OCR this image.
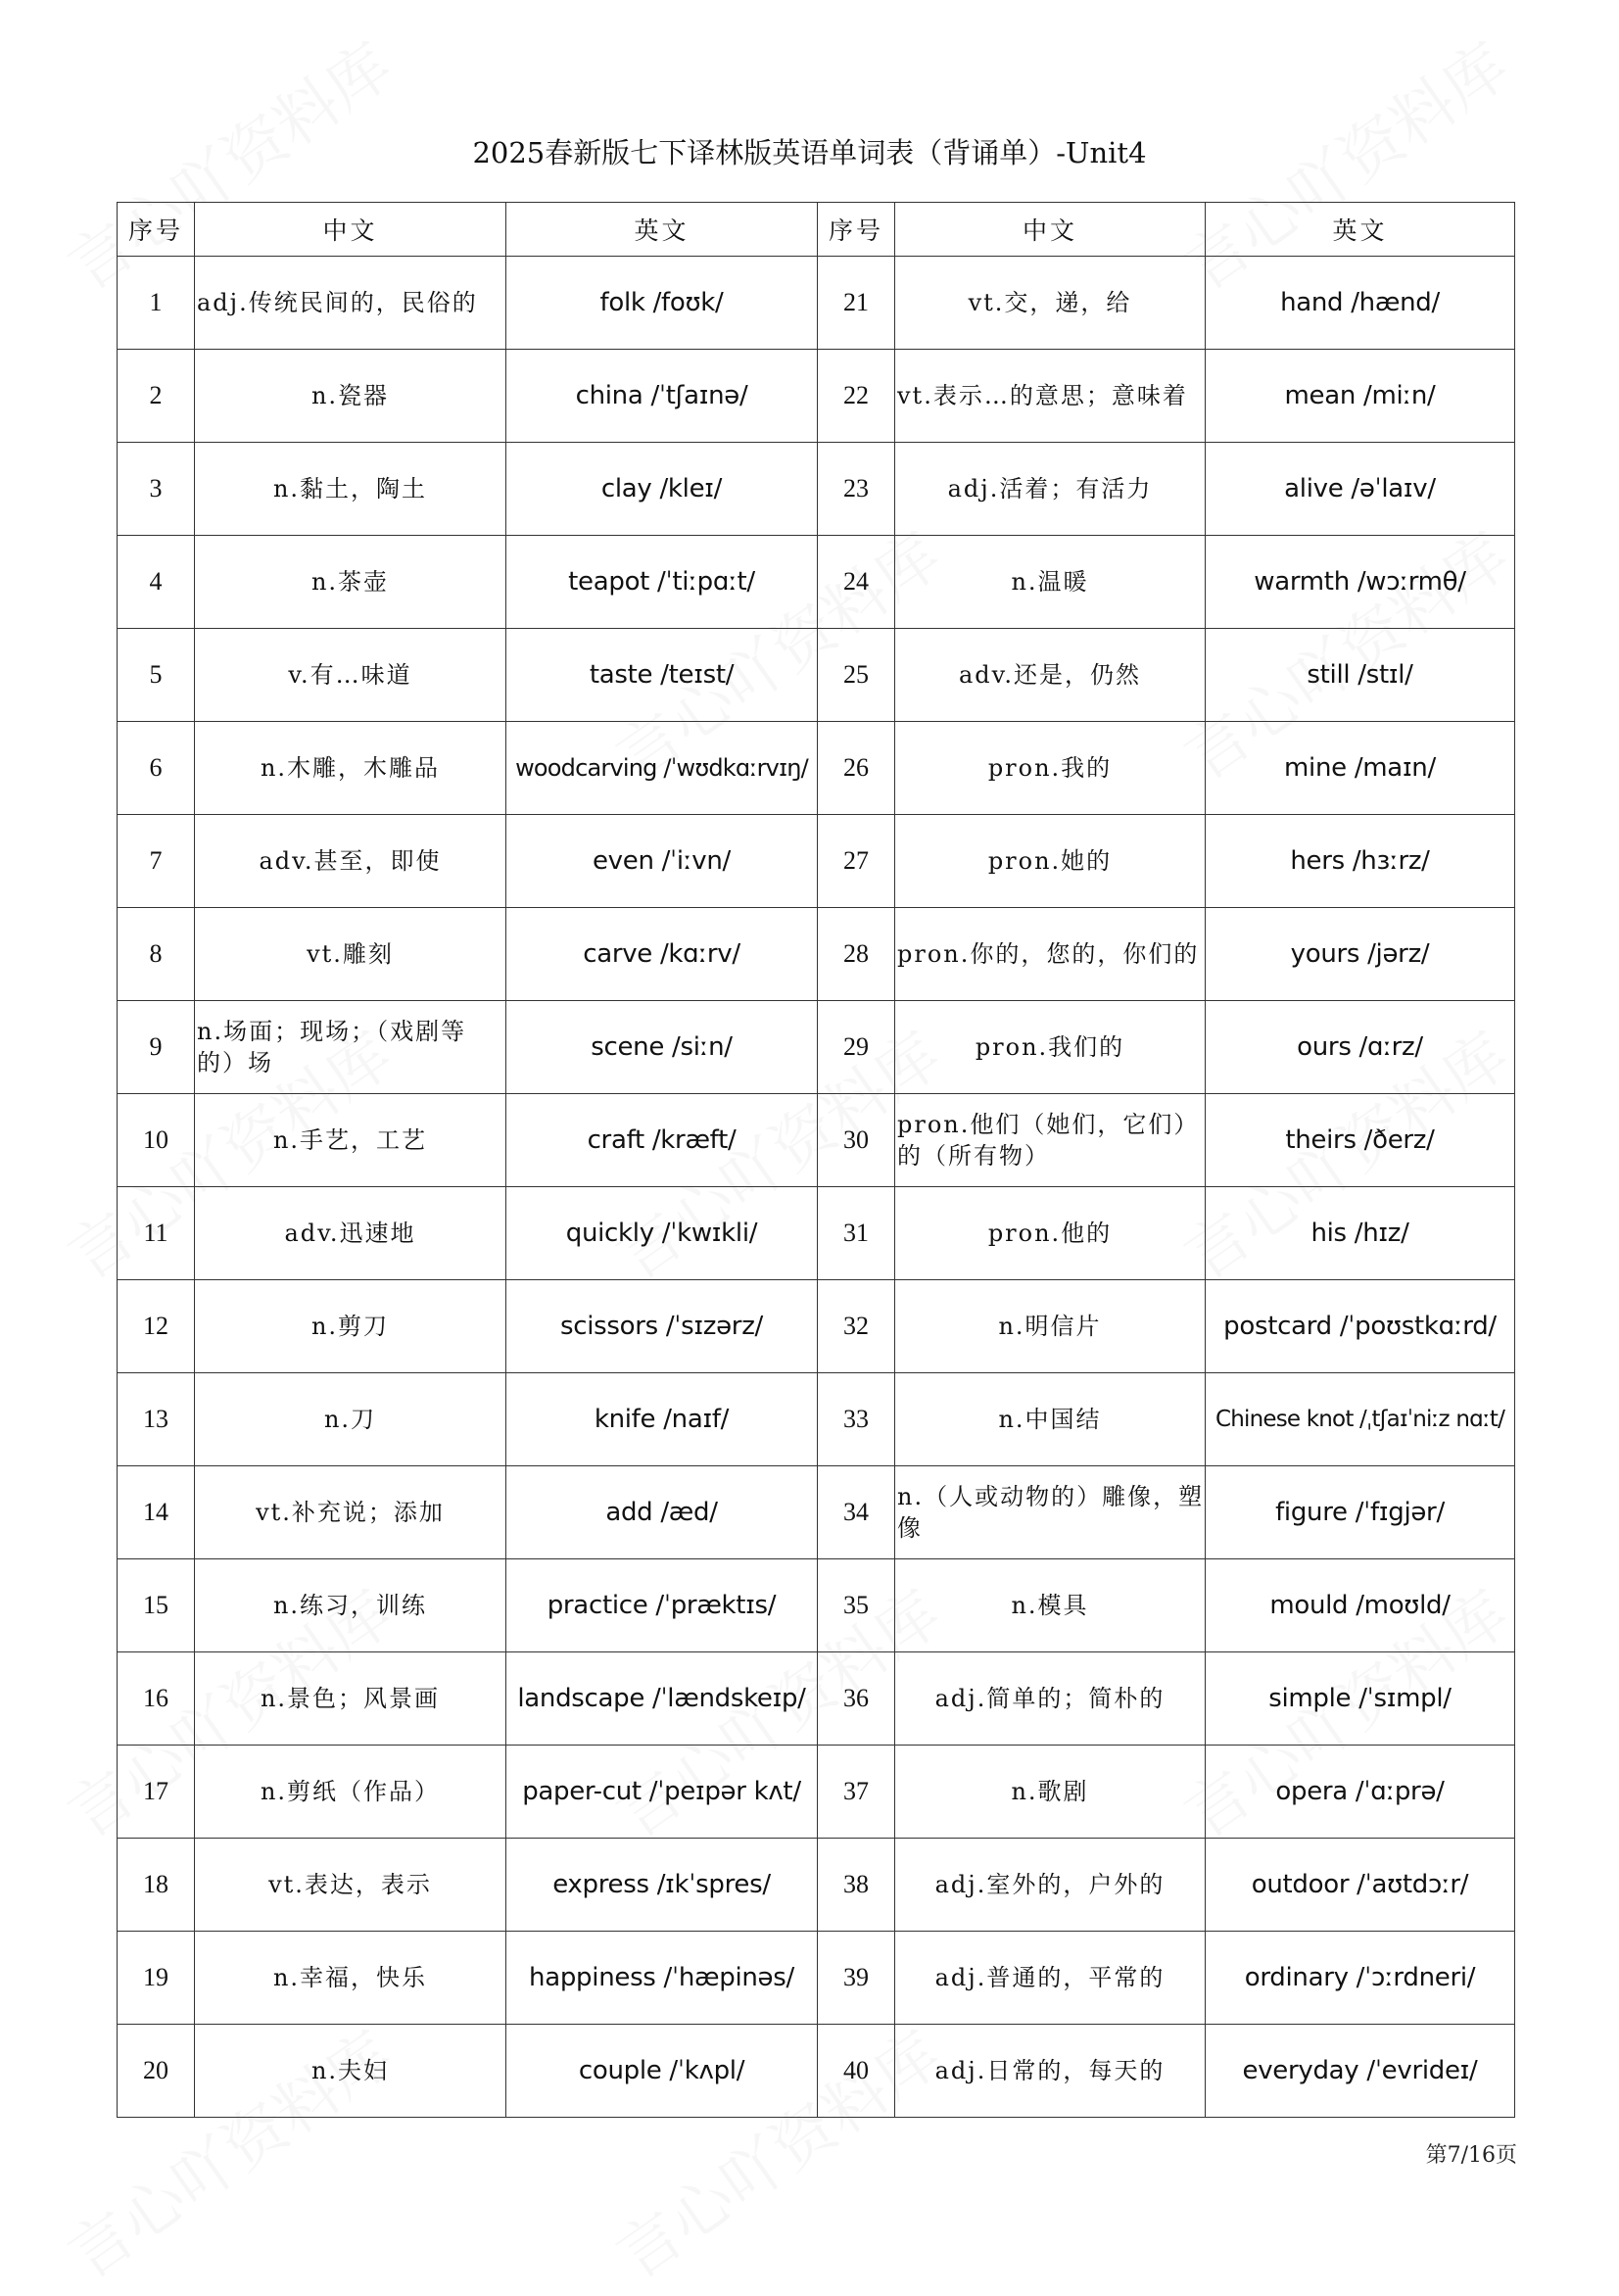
2025春新版七下译林版英语单词表（背诵单）-Unit4
序号	中文	英文	序号	中文	英文
1	adj.传统民间的，民俗的	folk /foʊk/	21	vt.交，递，给	hand /hænd/
2	n.瓷器	china /ˈtʃaɪnə/	22	vt.表示…的意思；意味着	mean /miːn/
3	n.黏土，陶土	clay /kleɪ/	23	adj.活着；有活力	alive /əˈlaɪv/
4	n.茶壶	teapot /ˈtiːpɑːt/	24	n.温暖	warmth /wɔːrmθ/
5	v.有…味道	taste /teɪst/	25	adv.还是，仍然	still /stɪl/
6	n.木雕，木雕品	woodcarving /ˈwʊdkɑːrvɪŋ/	26	pron.我的	mine /maɪn/
7	adv.甚至，即使	even /ˈiːvn/	27	pron.她的	hers /hɜːrz/
8	vt.雕刻	carve /kɑːrv/	28	pron.你的，您的，你们的	yours /jərz/
9	n.场面；现场；（戏剧等的）场	scene /siːn/	29	pron.我们的	ours /ɑːrz/
10	n.手艺，工艺	craft /kræft/	30	pron.他们（她们，它们）的（所有物）	theirs /ðerz/
11	adv.迅速地	quickly /ˈkwɪkli/	31	pron.他的	his /hɪz/
12	n.剪刀	scissors /ˈsɪzərz/	32	n.明信片	postcard /ˈpoʊstkɑːrd/
13	n.刀	knife /naɪf/	33	n.中国结	Chinese knot /ˌtʃaɪˈniːz nɑːt/
14	vt.补充说；添加	add /æd/	34	n.（人或动物的）雕像，塑像	figure /ˈfɪgjər/
15	n.练习，训练	practice /ˈpræktɪs/	35	n.模具	mould /moʊld/
16	n.景色；风景画	landscape /ˈlændskeɪp/	36	adj.简单的；简朴的	simple /ˈsɪmpl/
17	n.剪纸（作品）	paper-cut /ˈpeɪpər kʌt/	37	n.歌剧	opera /ˈɑːprə/
18	vt.表达，表示	express /ɪkˈspres/	38	adj.室外的，户外的	outdoor /ˈaʊtdɔːr/
19	n.幸福，快乐	happiness /ˈhæpinəs/	39	adj.普通的，平常的	ordinary /ˈɔːrdneri/
20	n.夫妇	couple /ˈkʌpl/	40	adj.日常的，每天的	everyday /ˈevrideɪ/
第7/16页
